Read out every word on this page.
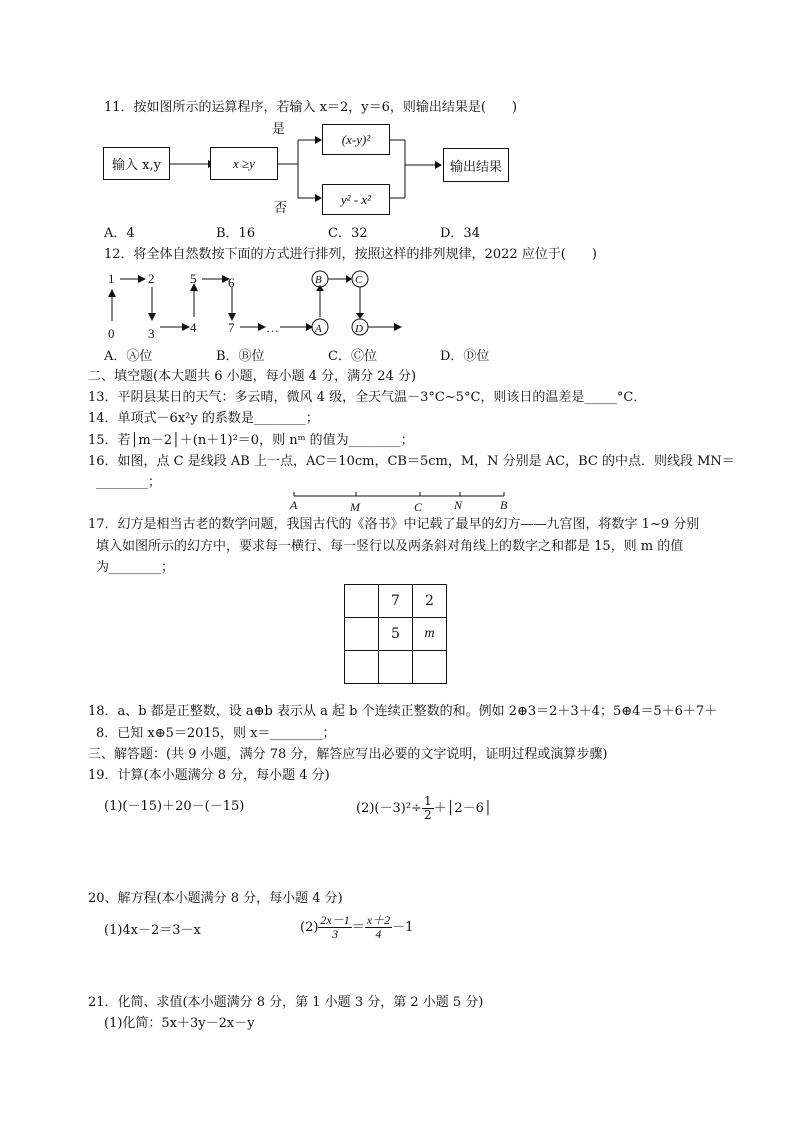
11．按如图所示的运算程序，若输入 x＝2，y＝6，则输出结果是(　　)
输入 x,y	x ≥y
是
否
(x-y)²
y² - x²
输出结果
A．4	B．16	C．32	D．34
12．将全体自然数按下面的方式进行排列，按照这样的排列规律，2022 应位于(　　)
0
1	2
3	4
5 6
7 …	A
B	C
D
A．Ⓐ位	B．Ⓑ位	C．Ⓒ位	D．Ⓓ位
二、填空题(本大题共 6 小题，每小题 4 分，满分 24 分)
13．平阴县某日的天气：多云晴，微风 4 级，全天气温－3°C~5°C，则该日的温差是_____°C．
14．单项式－6x²y 的系数是________；
15．若│m－2│＋(n＋1)²＝0，则 nᵐ 的值为________；
16．如图，点 C 是线段 AB 上一点，AC＝10cm，CB＝5cm，M，N 分别是 AC，BC 的中点．则线段 MN＝
________；
A	M	C	N	B
17．幻方是相当古老的数学问题，我国古代的《洛书》中记载了最早的幻方——九宫图，将数字 1~9 分别
填入如图所示的幻方中，要求每一横行、每一竖行以及两条斜对角线上的数字之和都是 15，则 m 的值
为________；
	7	2
	5	m

18．a、b 都是正整数，设 a⊕b 表示从 a 起 b 个连续正整数的和。例如 2⊕3＝2＋3＋4；5⊕4＝5＋6＋7＋
8．已知 x⊕5＝2015，则 x＝________；
三、解答题：(共 9 小题，满分 78 分，解答应写出必要的文字说明，证明过程或演算步骤)
19．计算(本小题满分 8 分，每小题 4 分)
(1)(－15)＋20－(－15)	$(2)(-3)^2\div \frac{1}{2}$ ＋│2－6│
20、解方程(本小题满分 8 分，每小题 4 分)
(1)4x－2＝3－x	$(2) \frac{2x-1}{3} = \frac{x+2}{4} -1$
21．化简、求值(本小题满分 8 分，第 1 小题 3 分，第 2 小题 5 分)
(1)化简：5x＋3y－2x－y
